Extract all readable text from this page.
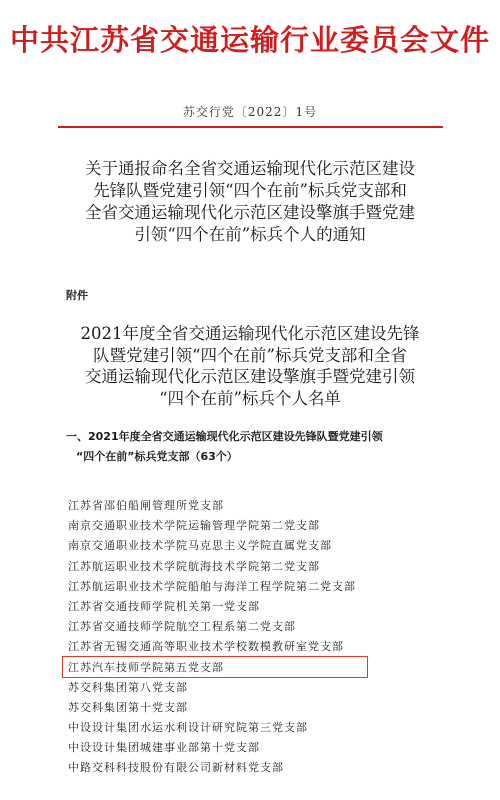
中共江苏省交通运输行业委员会文件
苏交行党〔2022〕1号
关于通报命名全省交通运输现代化示范区建设
先锋队暨党建引领“四个在前”标兵党支部和
全省交通运输现代化示范区建设擎旗手暨党建
引领“四个在前”标兵个人的通知
附件
2021年度全省交通运输现代化示范区建设先锋
队暨党建引领“四个在前”标兵党支部和全省
交通运输现代化示范区建设擎旗手暨党建引领
“四个在前”标兵个人名单
一、2021年度全省交通运输现代化示范区建设先锋队暨党建引领
“四个在前”标兵党支部（63个）
江苏省邵伯船闸管理所党支部
南京交通职业技术学院运输管理学院第二党支部
南京交通职业技术学院马克思主义学院直属党支部
江苏航运职业技术学院航海技术学院第二党支部
江苏航运职业技术学院船舶与海洋工程学院第二党支部
江苏省交通技师学院机关第一党支部
江苏省交通技师学院航空工程系第二党支部
江苏省无锡交通高等职业技术学校数模教研室党支部
江苏汽车技师学院第五党支部
苏交科集团第八党支部
苏交科集团第十党支部
中设设计集团水运水利设计研究院第三党支部
中设设计集团城建事业部第十党支部
中路交科科技股份有限公司新材料党支部
